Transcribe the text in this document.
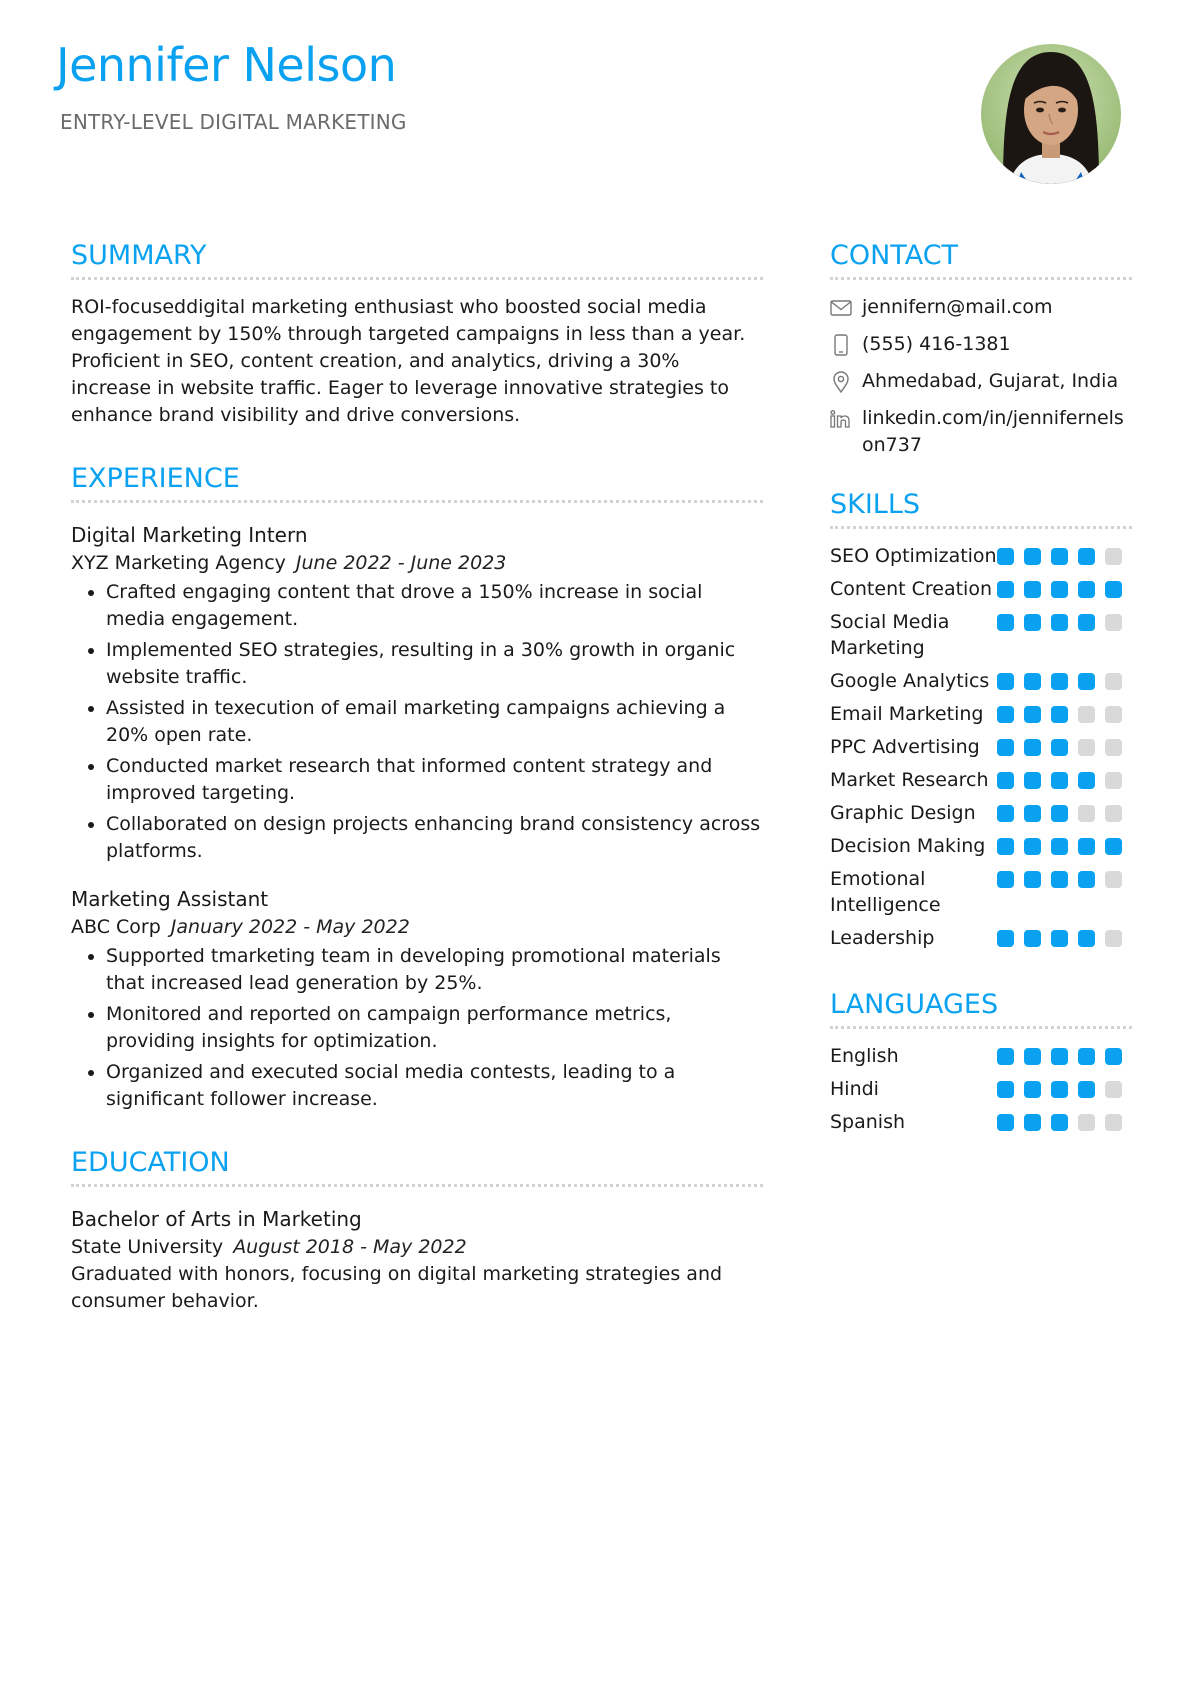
Jennifer Nelson
ENTRY-LEVEL DIGITAL MARKETING
SUMMARY

ROI-focuseddigital marketing enthusiast who boosted social media engagement by 150% through targeted campaigns in less than a year. Proficient in SEO, content creation, and analytics, driving a 30% increase in website traffic. Eager to leverage innovative strategies to enhance brand visibility and drive conversions.

EXPERIENCE
Digital Marketing Intern
XYZ Marketing Agency June 2022 - June 2023
• Crafted engaging content that drove a 150% increase in social media engagement.
• Implemented SEO strategies, resulting in a 30% growth in organic website traffic.
• Assisted in texecution of email marketing campaigns achieving a 20% open rate.
• Conducted market research that informed content strategy and improved targeting.
• Collaborated on design projects enhancing brand consistency across platforms.
Marketing Assistant
ABC Corp January 2022 - May 2022
• Supported tmarketing team in developing promotional materials that increased lead generation by 25%.
• Monitored and reported on campaign performance metrics, providing insights for optimization.
• Organized and executed social media contests, leading to a significant follower increase.
EDUCATION
Bachelor of Arts in Marketing
State University August 2018 - May 2022
Graduated with honors, focusing on digital marketing strategies and consumer behavior.
CONTACT
jennifern@mail.com
(555) 416-1381
Ahmedabad, Gujarat, India
linkedin.com/in/jennifernelson737
SKILLS
SEO Optimization
Content Creation
Social Media Marketing
Google Analytics
Email Marketing
PPC Advertising
Market Research
Graphic Design
Decision Making
Emotional Intelligence
Leadership
LANGUAGES
English
Hindi
Spanish
